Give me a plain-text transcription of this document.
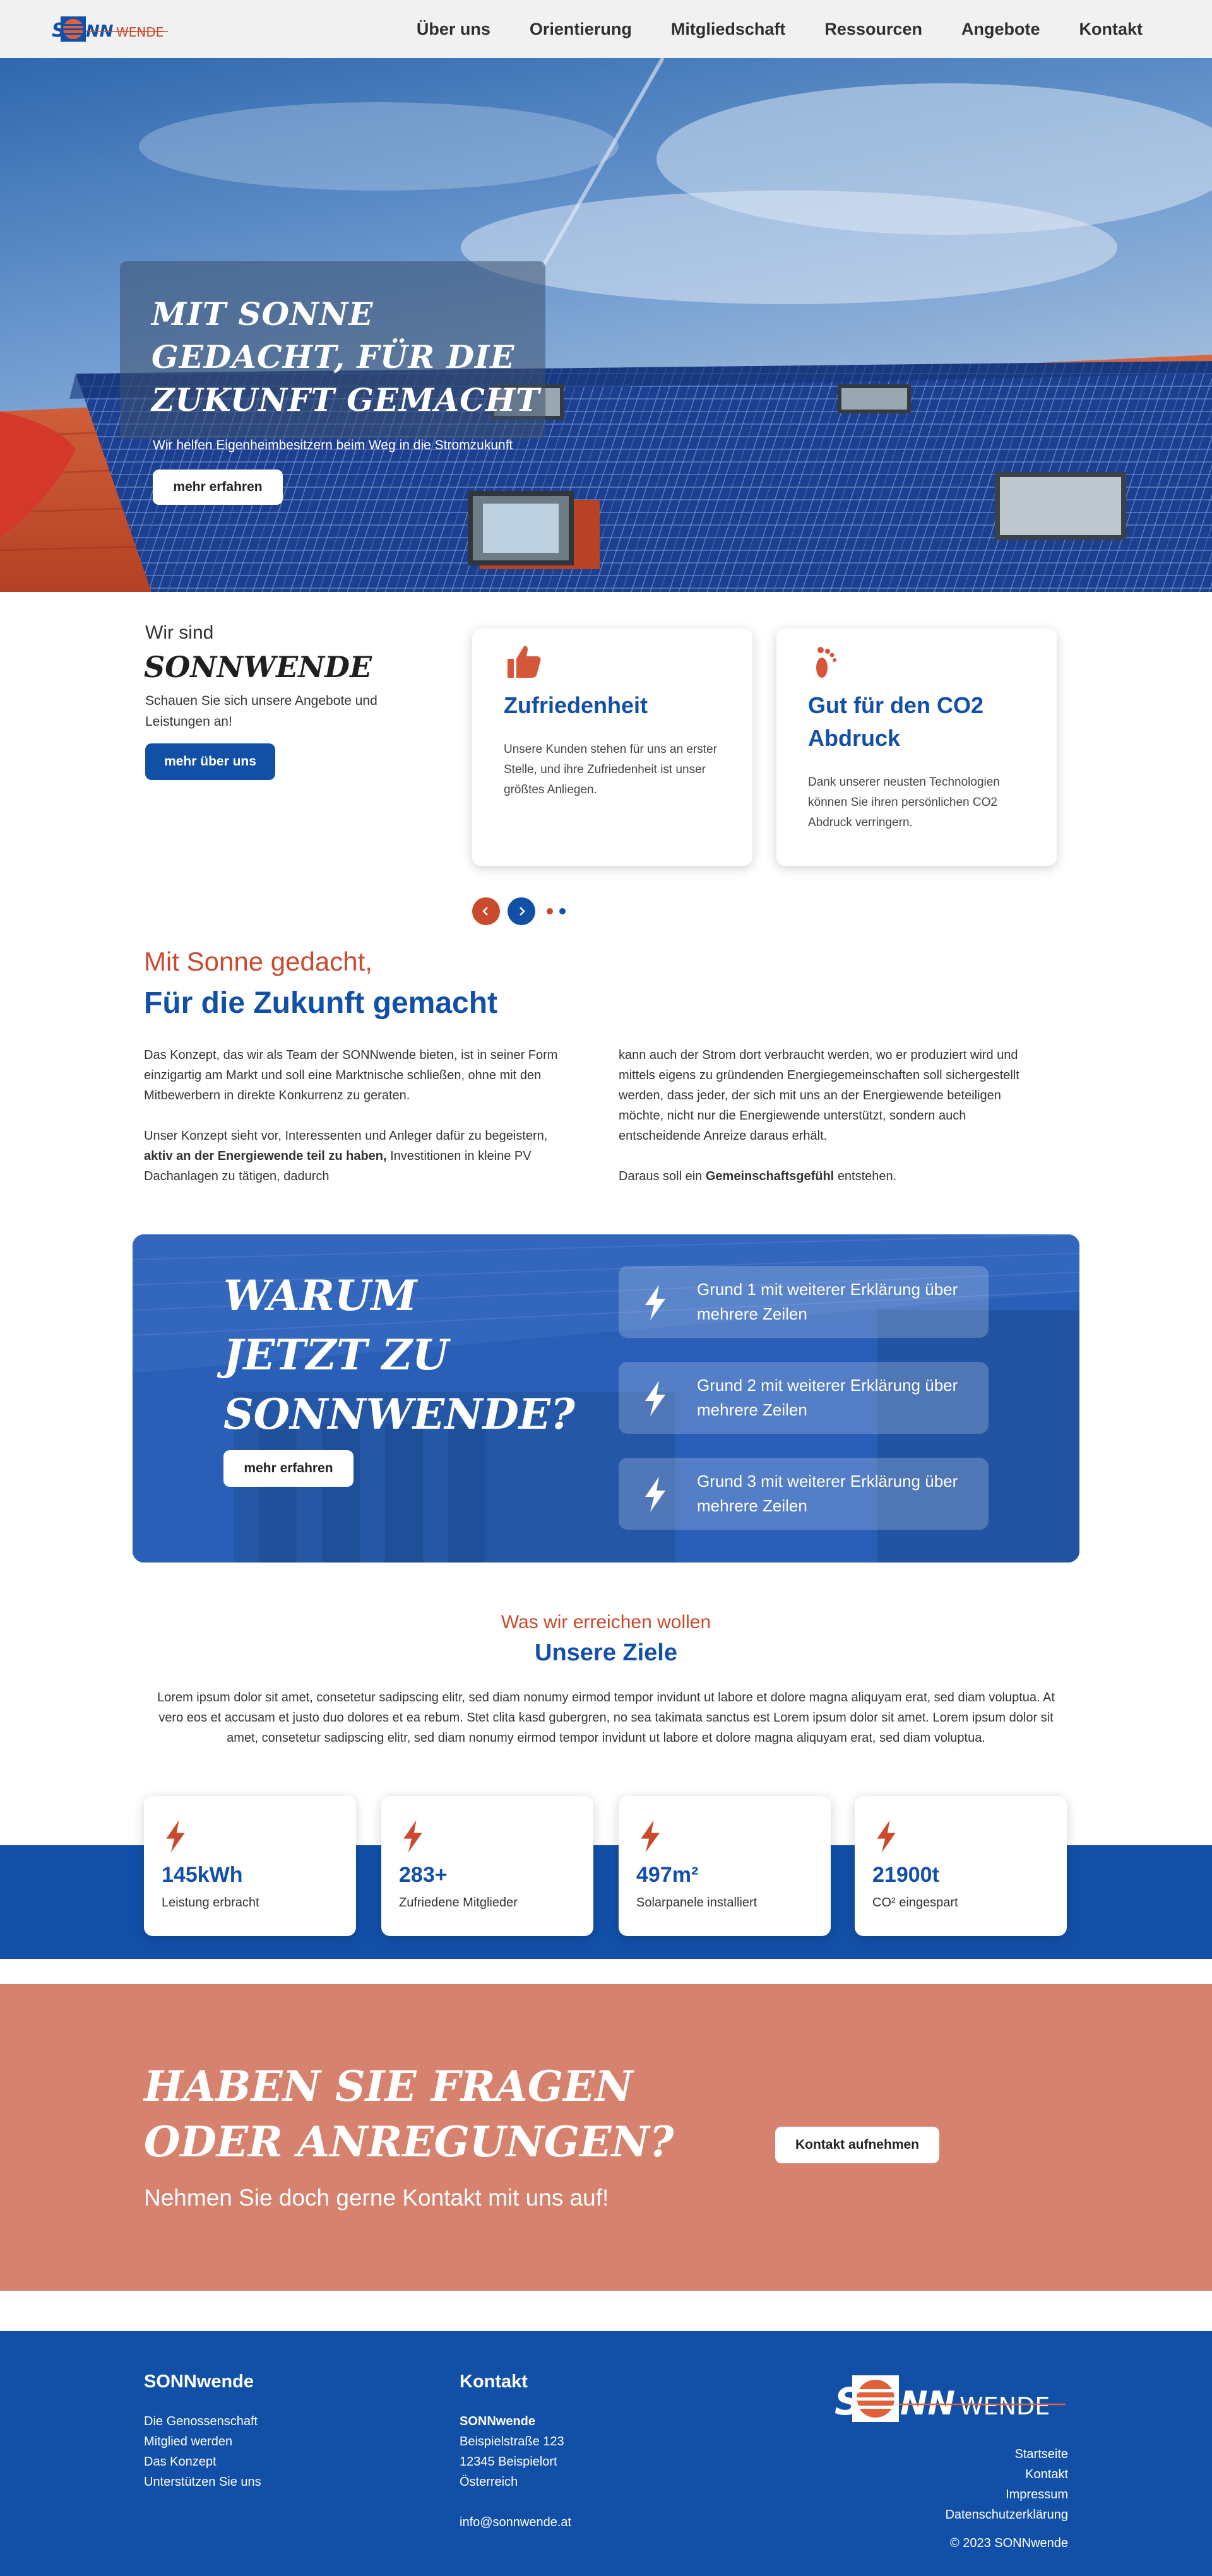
S NN WENDE	Über uns Orientierung Mitgliedschaft Ressourcen Angebote Kontakt
MIT SONNE GEDACHT, FÜR DIE ZUKUNFT GEMACHT

Wir helfen Eigenheimbesitzern beim Weg in die Stromzukunft

mehr erfahren
Wir sind
SONNWENDE

Schauen Sie sich unsere Angebote und Leistungen an!

mehr über uns
Zufriedenheit

Unsere Kunden stehen für uns an erster Stelle, und ihre Zufriedenheit ist unser größtes Anliegen.

Gut für den CO2 Abdruck

Dank unserer neusten Technologien können Sie ihren persönlichen CO2 Abdruck verringern.

Mit Sonne gedacht,
Für die Zukunft gemacht

Das Konzept, das wir als Team der SONNwende bieten, ist in seiner Form einzigartig am Markt und soll eine Marktnische schließen, ohne mit den Mitbewerbern in direkte Konkurrenz zu geraten.

Unser Konzept sieht vor, Interessenten und Anleger dafür zu begeistern, aktiv an der Energiewende teil zu haben, Investitionen in kleine PV Dachanlagen zu tätigen, dadurch

kann auch der Strom dort verbraucht werden, wo er produziert wird und mittels eigens zu gründenden Energiegemeinschaften soll sichergestellt werden, dass jeder, der sich mit uns an der Energiewende beteiligen möchte, nicht nur die Energiewende unterstützt, sondern auch entscheidende Anreize daraus erhält.

Daraus soll ein Gemeinschaftsgefühl entstehen.

WARUM JETZT ZU SONNWENDE?
mehr erfahren
Grund 1 mit weiterer Erklärung über mehrere Zeilen
Grund 2 mit weiterer Erklärung über mehrere Zeilen
Grund 3 mit weiterer Erklärung über mehrere Zeilen
Was wir erreichen wollen
Unsere Ziele

Lorem ipsum dolor sit amet, consetetur sadipscing elitr, sed diam nonumy eirmod tempor invidunt ut labore et dolore magna aliquyam erat, sed diam voluptua. At vero eos et accusam et justo duo dolores et ea rebum. Stet clita kasd gubergren, no sea takimata sanctus est Lorem ipsum dolor sit amet. Lorem ipsum dolor sit amet, consetetur sadipscing elitr, sed diam nonumy eirmod tempor invidunt ut labore et dolore magna aliquyam erat, sed diam voluptua.

145kWh
Leistung erbracht
283+
Zufriedene Mitglieder
497m²
Solarpanele installiert
21900t
CO² eingespart
HABEN SIE FRAGEN ODER ANREGUNGEN?

Nehmen Sie doch gerne Kontakt mit uns auf!

Kontakt aufnehmen
SONNwende
Die Genossenschaft
Mitglied werden
Das Konzept
Unterstützen Sie uns
Kontakt
SONNwende
Beispielstraße 123
12345 Beispielort
Österreich
info@sonnwende.at
S NN WENDE
Startseite
Kontakt
Impressum
Datenschutzerklärung
© 2023 SONNwende
